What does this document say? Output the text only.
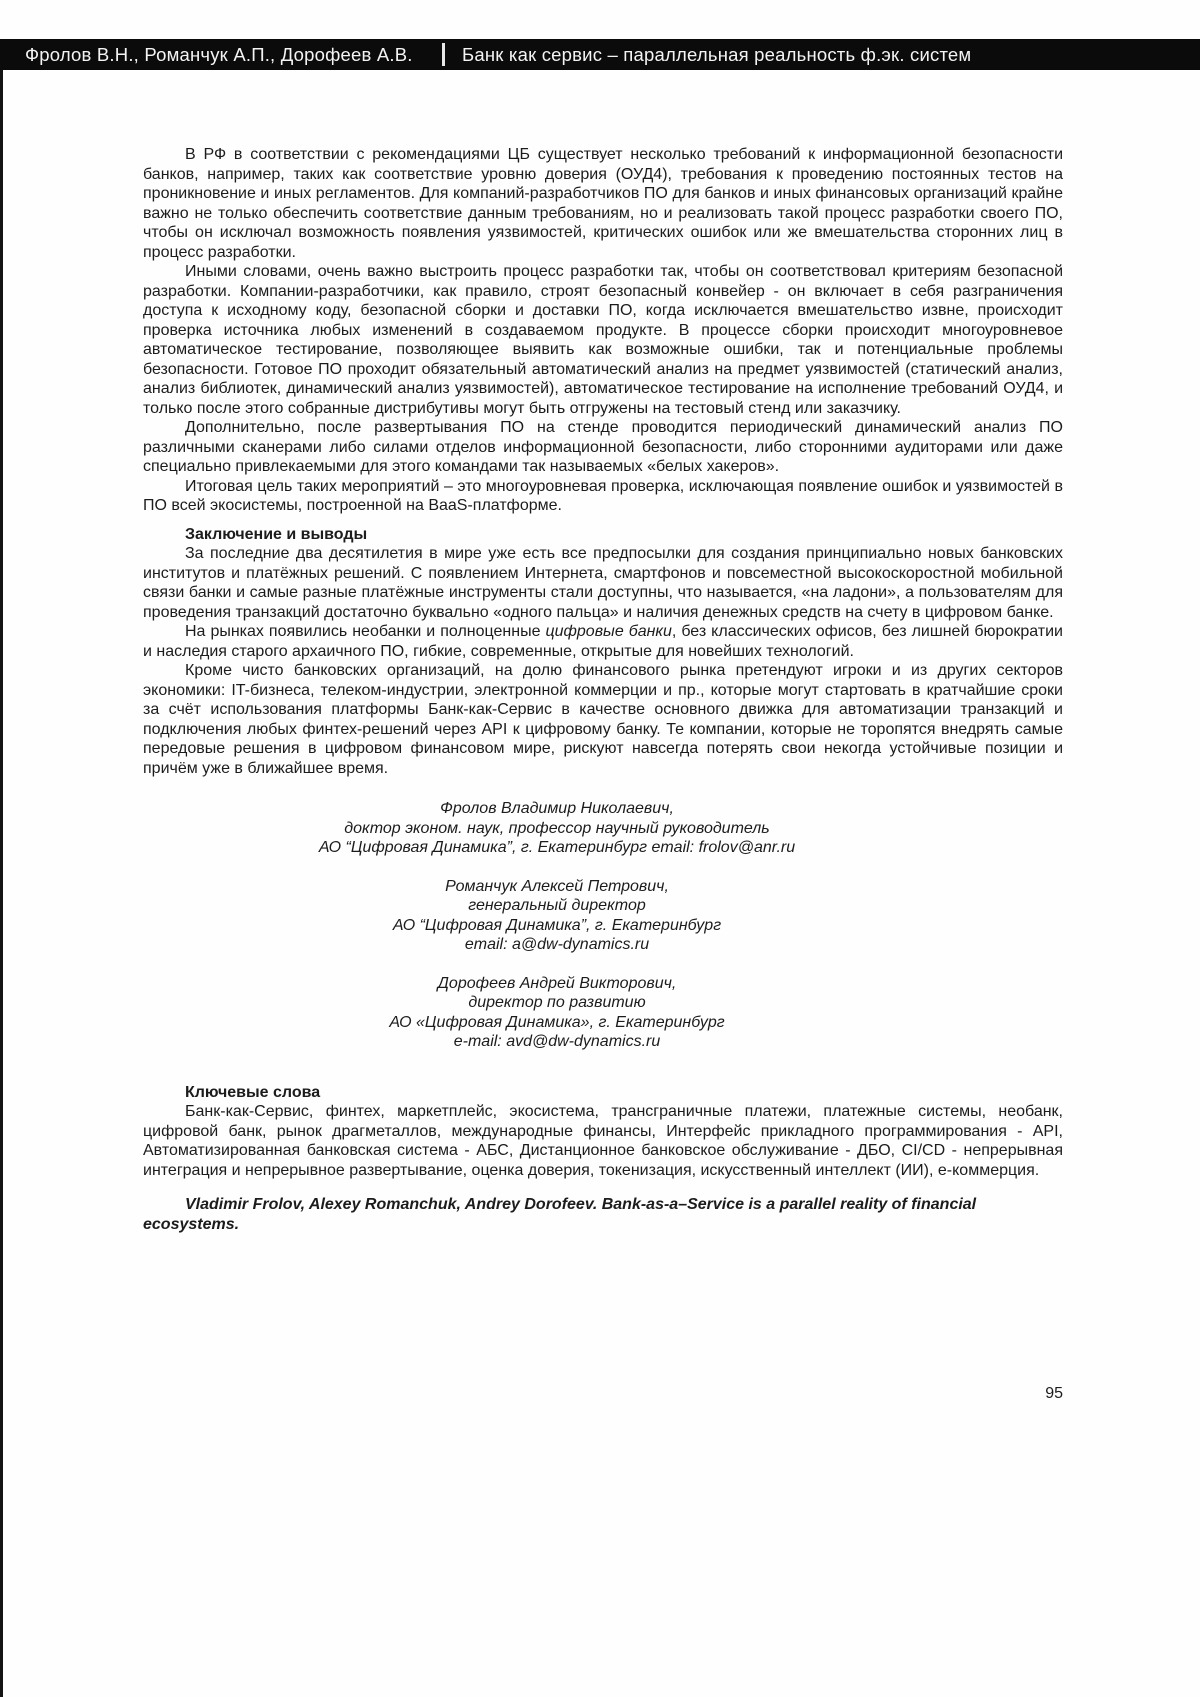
Фролов В.Н., Романчук А.П., Дорофеев А.В.	Банк как сервис – параллельная реальность ф.эк. систем

В РФ в соответствии с рекомендациями ЦБ существует несколько требований к информационной безопасности банков, например, таких как соответствие уровню доверия (ОУД4), требования к проведению постоянных тестов на проникновение и иных регламентов. Для компаний-разработчиков ПО для банков и иных финансовых организаций крайне важно не только обеспечить соответствие данным требованиям, но и реализовать такой процесс разработки своего ПО, чтобы он исключал возможность появления уязвимостей, критических ошибок или же вмешательства сторонних лиц в процесс разработки.

Иными словами, очень важно выстроить процесс разработки так, чтобы он соответствовал критериям безопасной разработки. Компании-разработчики, как правило, строят безопасный конвейер - он включает в себя разграничения доступа к исходному коду, безопасной сборки и доставки ПО, когда исключается вмешательство извне, происходит проверка источника любых изменений в создаваемом продукте. В процессе сборки происходит многоуровневое автоматическое тестирование, позволяющее выявить как возможные ошибки, так и потенциальные проблемы безопасности. Готовое ПО проходит обязательный автоматический анализ на предмет уязвимостей (статический анализ, анализ библиотек, динамический анализ уязвимостей), автоматическое тестирование на исполнение требований ОУД4, и только после этого собранные дистрибутивы могут быть отгружены на тестовый стенд или заказчику.

Дополнительно, после развертывания ПО на стенде проводится периодический динамический анализ ПО различными сканерами либо силами отделов информационной безопасности, либо сторонними аудиторами или даже специально привлекаемыми для этого командами так называемых «белых хакеров».

Итоговая цель таких мероприятий – это многоуровневая проверка, исключающая появление ошибок и уязвимостей в ПО всей экосистемы, построенной на BaaS-платформе.

Заключение и выводы

За последние два десятилетия в мире уже есть все предпосылки для создания принципиально новых банковских институтов и платёжных решений. С появлением Интернета, смартфонов и повсеместной высокоскоростной мобильной связи банки и самые разные платёжные инструменты стали доступны, что называется, «на ладони», а пользователям для проведения транзакций достаточно буквально «одного пальца» и наличия денежных средств на счету в цифровом банке.

На рынках появились необанки и полноценные цифровые банки, без классических офисов, без лишней бюрократии и наследия старого архаичного ПО, гибкие, современные, открытые для новейших технологий.

Кроме чисто банковских организаций, на долю финансового рынка претендуют игроки и из других секторов экономики: IT-бизнеса, телеком-индустрии, электронной коммерции и пр., которые могут стартовать в кратчайшие сроки за счёт использования платформы Банк-как-Сервис в качестве основного движка для автоматизации транзакций и подключения любых финтех-решений через API к цифровому банку. Те компании, которые не торопятся внедрять самые передовые решения в цифровом финансовом мире, рискуют навсегда потерять свои некогда устойчивые позиции и причём уже в ближайшее время.

Фролов Владимир Николаевич,
доктор эконом. наук, профессор научный руководитель
АО “Цифровая Динамика”, г. Екатеринбург email: frolov@anr.ru
Романчук Алексей Петрович,
генеральный директор
АО “Цифровая Динамика”, г. Екатеринбург
email: a@dw-dynamics.ru
Дорофеев Андрей Викторович,
директор по развитию
АО «Цифровая Динамика», г. Екатеринбург
e-mail: avd@dw-dynamics.ru

Ключевые слова

Банк-как-Сервис, финтех, маркетплейс, экосистема, трансграничные платежи, платежные системы, необанк, цифровой банк, рынок драгметаллов, международные финансы, Интерфейс прикладного программирования - API, Автоматизированная банковская система - АБС, Дистанционное банковское обслуживание - ДБО, CI/CD - непрерывная интеграция и непрерывное развертывание, оценка доверия, токенизация, искусственный интеллект (ИИ), e-коммерция.

Vladimir Frolov, Alexey Romanchuk, Andrey Dorofeev. Bank-as-a–Service is a parallel reality of financial ecosystems.

95
